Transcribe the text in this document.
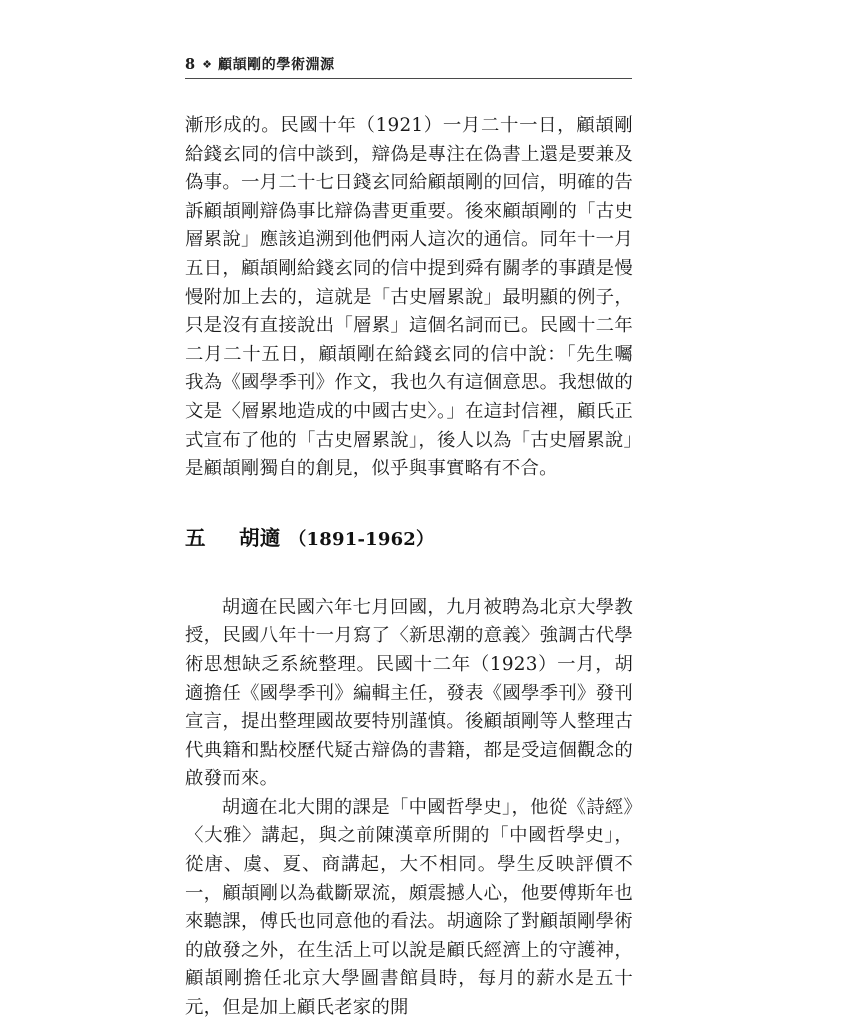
8 ❖ 顧頡剛的學術淵源

漸形成的。民國十年（1921）一月二十一日，顧頡剛給錢玄同的信中談到，辯偽是專注在偽書上還是要兼及偽事。一月二十七日錢玄同給顧頡剛的回信，明確的告訴顧頡剛辯偽事比辯偽書更重要。後來顧頡剛的「古史層累說」應該追溯到他們兩人這次的通信。同年十一月五日，顧頡剛給錢玄同的信中提到舜有關孝的事蹟是慢慢附加上去的，這就是「古史層累說」最明顯的例子，只是沒有直接說出「層累」這個名詞而已。民國十二年二月二十五日，顧頡剛在給錢玄同的信中說：「先生囑我為《國學季刊》作文，我也久有這個意思。我想做的文是〈層累地造成的中國古史〉。」在這封信裡，顧氏正式宣布了他的「古史層累說」，後人以為「古史層累說」是顧頡剛獨自的創見，似乎與事實略有不合。

五 胡適 （1891-1962）

胡適在民國六年七月回國，九月被聘為北京大學教授，民國八年十一月寫了〈新思潮的意義〉強調古代學術思想缺乏系統整理。民國十二年（1923）一月，胡適擔任《國學季刊》編輯主任，發表《國學季刊》發刊宣言，提出整理國故要特別謹慎。後顧頡剛等人整理古代典籍和點校歷代疑古辯偽的書籍，都是受這個觀念的啟發而來。

胡適在北大開的課是「中國哲學史」，他從《詩經》〈大雅〉講起，與之前陳漢章所開的「中國哲學史」，從唐、虞、夏、商講起，大不相同。學生反映評價不一，顧頡剛以為截斷眾流，頗震撼人心，他要傅斯年也來聽課，傅氏也同意他的看法。胡適除了對顧頡剛學術的啟發之外，在生活上可以說是顧氏經濟上的守護神，顧頡剛擔任北京大學圖書館員時，每月的薪水是五十元，但是加上顧氏老家的開
